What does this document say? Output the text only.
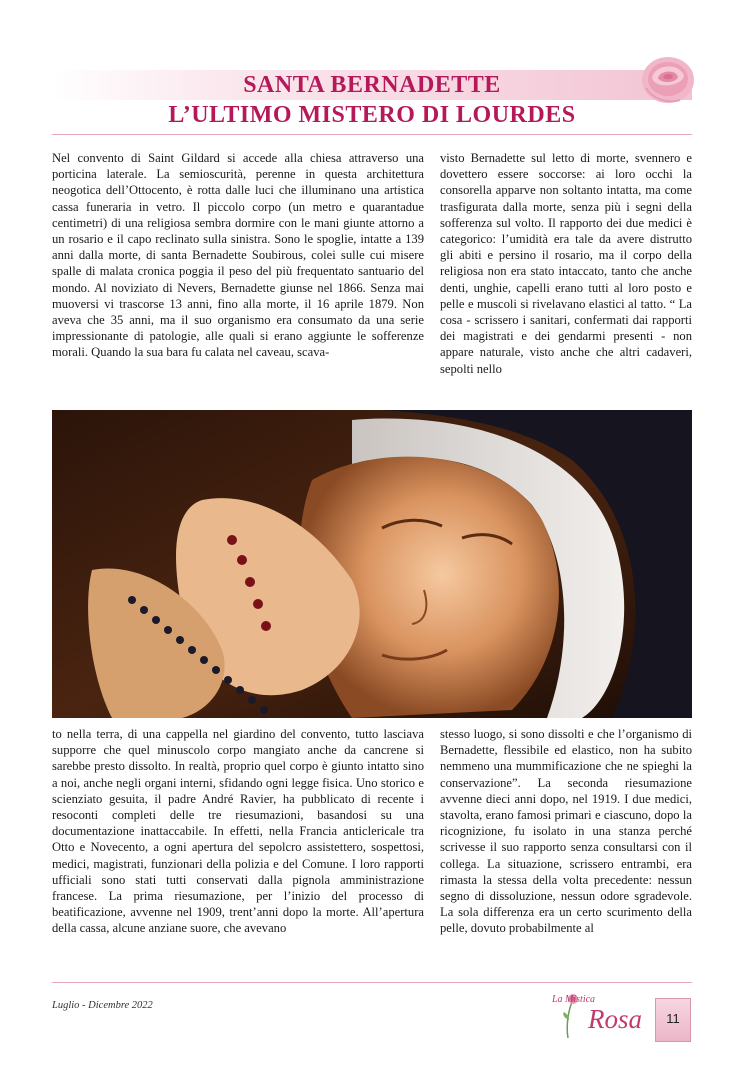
SANTA BERNADETTE
L’ULTIMO MISTERO DI LOURDES

Nel convento di Saint Gildard si accede alla chiesa attraverso una porticina laterale. La semioscurità, perenne in questa architettura neogotica dell’Ottocento, è rotta dalle luci che illuminano una artistica cassa funeraria in vetro. Il piccolo corpo (un metro e quarantadue centimetri) di una religiosa sembra dormire con le mani giunte attorno a un rosario e il capo reclinato sulla sinistra. Sono le spoglie, intatte a 139 anni dalla morte, di santa Bernadette Soubirous, colei sulle cui misere spalle di malata cronica poggia il peso del più frequentato santuario del mondo. Al noviziato di Nevers, Bernadette giunse nel 1866. Senza mai muoversi vi trascorse 13 anni, fino alla morte, il 16 aprile 1879. Non aveva che 35 anni, ma il suo organismo era consumato da una serie impressionante di patologie, alle quali si erano aggiunte le sofferenze morali. Quando la sua bara fu calata nel caveau, scava-

visto Bernadette sul letto di morte, svennero e dovettero essere soccorse: ai loro occhi la consorella apparve non soltanto intatta, ma come trasfigurata dalla morte, senza più i segni della sofferenza sul volto. Il rapporto dei due medici è categorico: l’umidità era tale da avere distrutto gli abiti e persino il rosario, ma il corpo della religiosa non era stato intaccato, tanto che anche denti, unghie, capelli erano tutti al loro posto e pelle e muscoli si rivelavano elastici al tatto. “ La cosa - scrissero i sanitari, confermati dai rapporti dei magistrati e dei gendarmi presenti - non appare naturale, visto anche che altri cadaveri, sepolti nello

to nella terra, di una cappella nel giardino del convento, tutto lasciava supporre che quel minuscolo corpo mangiato anche da cancrene si sarebbe presto dissolto. In realtà, proprio quel corpo è giunto intatto sino a noi, anche negli organi interni, sfidando ogni legge fisica. Uno storico e scienziato gesuita, il padre André Ravier, ha pubblicato di recente i resoconti completi delle tre riesumazioni, basandosi su una documentazione inattaccabile. In effetti, nella Francia anticlericale tra Otto e Novecento, a ogni apertura del sepolcro assistettero, sospettosi, medici, magistrati, funzionari della polizia e del Comune. I loro rapporti ufficiali sono stati tutti conservati dalla pignola amministrazione francese. La prima riesumazione, per l’inizio del processo di beatificazione, avvenne nel 1909, trent’anni dopo la morte. All’apertura della cassa, alcune anziane suore, che avevano

stesso luogo, si sono dissolti e che l’organismo di Bernadette, flessibile ed elastico, non ha subito nemmeno una mummificazione che ne spieghi la conservazione”. La seconda riesumazione avvenne dieci anni dopo, nel 1919. I due medici, stavolta, erano famosi primari e ciascuno, dopo la ricognizione, fu isolato in una stanza perché scrivesse il suo rapporto senza consultarsi con il collega. La situazione, scrissero entrambi, era rimasta la stessa della volta precedente: nessun segno di dissoluzione, nessun odore sgradevole. La sola differenza era un certo scurimento della pelle, dovuto probabilmente al

Luglio - Dicembre 2022
La Mistica
Rosa	11
